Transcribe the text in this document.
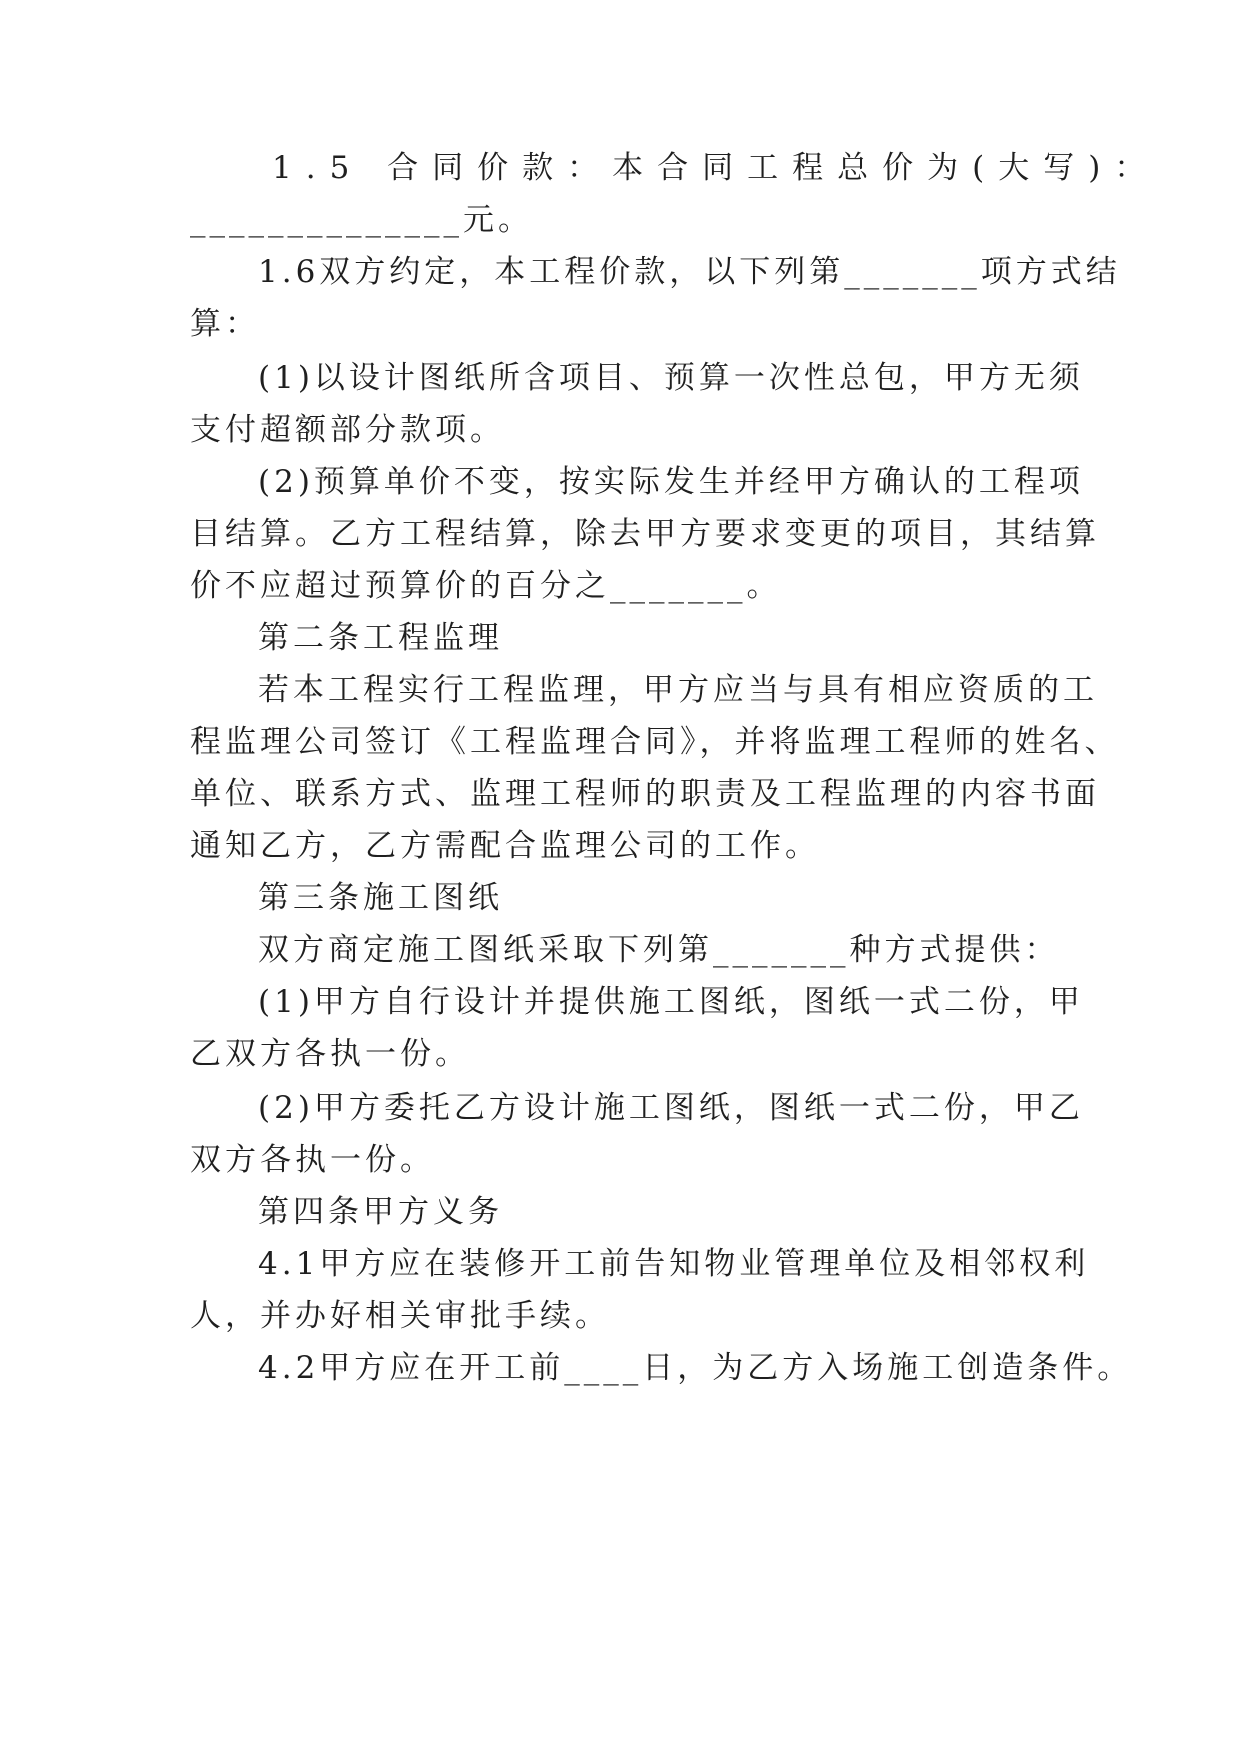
1.5 合同价款：本合同工程总价为(大写)：
______________元。
1.6双方约定，本工程价款，以下列第_______项方式结
算：
(1)以设计图纸所含项目、预算一次性总包，甲方无须
支付超额部分款项。
(2)预算单价不变，按实际发生并经甲方确认的工程项
目结算。乙方工程结算，除去甲方要求变更的项目，其结算
价不应超过预算价的百分之_______。
第二条工程监理
若本工程实行工程监理，甲方应当与具有相应资质的工
程监理公司签订《工程监理合同》，并将监理工程师的姓名、
单位、联系方式、监理工程师的职责及工程监理的内容书面
通知乙方，乙方需配合监理公司的工作。
第三条施工图纸
双方商定施工图纸采取下列第_______种方式提供：
(1)甲方自行设计并提供施工图纸，图纸一式二份，甲
乙双方各执一份。
(2)甲方委托乙方设计施工图纸，图纸一式二份，甲乙
双方各执一份。
第四条甲方义务
4.1甲方应在装修开工前告知物业管理单位及相邻权利
人，并办好相关审批手续。
4.2甲方应在开工前____日，为乙方入场施工创造条件。
